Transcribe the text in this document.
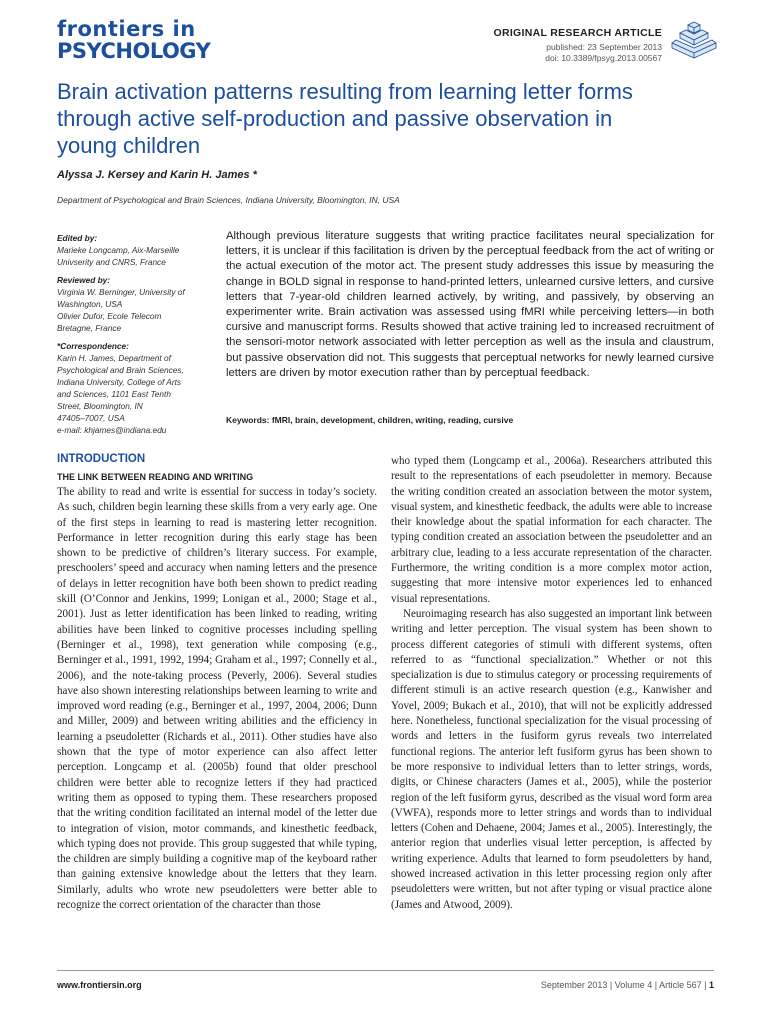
frontiers in
PSYCHOLOGY
ORIGINAL RESEARCH ARTICLE
published: 23 September 2013
doi: 10.3389/fpsyg.2013.00567
Brain activation patterns resulting from learning letter forms through active self-production and passive observation in young children
Alyssa J. Kersey and Karin H. James *
Department of Psychological and Brain Sciences, Indiana University, Bloomington, IN, USA
Edited by:
Marieke Longcamp, Aix-Marseille
Univserity and CNRS, France
Reviewed by:
Virginia W. Berninger, University of
Washington, USA
Olivier Dufor, Ecole Telecom
Bretagne, France
*Correspondence:
Karin H. James, Department of
Psychological and Brain Sciences,
Indiana University, College of Arts
and Sciences, 1101 East Tenth
Street, Bloomington, IN
47405–7007, USA
e-mail: khjames@indiana.edu
Although previous literature suggests that writing practice facilitates neural specialization for letters, it is unclear if this facilitation is driven by the perceptual feedback from the act of writing or the actual execution of the motor act. The present study addresses this issue by measuring the change in BOLD signal in response to hand-printed letters, unlearned cursive letters, and cursive letters that 7-year-old children learned actively, by writing, and passively, by observing an experimenter write. Brain activation was assessed using fMRI while perceiving letters—in both cursive and manuscript forms. Results showed that active training led to increased recruitment of the sensori-motor network associated with letter perception as well as the insula and claustrum, but passive observation did not. This suggests that perceptual networks for newly learned cursive letters are driven by motor execution rather than by perceptual feedback.
Keywords: fMRI, brain, development, children, writing, reading, cursive
INTRODUCTION
THE LINK BETWEEN READING AND WRITING

The ability to read and write is essential for success in today’s society. As such, children begin learning these skills from a very early age. One of the first steps in learning to read is mastering letter recognition. Performance in letter recognition during this early stage has been shown to be predictive of children’s literary success. For example, preschoolers’ speed and accuracy when naming letters and the presence of delays in letter recognition have both been shown to predict reading skill (O’Connor and Jenkins, 1999; Lonigan et al., 2000; Stage et al., 2001). Just as letter identification has been linked to reading, writing abilities have been linked to cognitive processes including spelling (Berninger et al., 1998), text generation while composing (e.g., Berninger et al., 1991, 1992, 1994; Graham et al., 1997; Connelly et al., 2006), and the note-taking process (Peverly, 2006). Several studies have also shown interesting relationships between learning to write and improved word reading (e.g., Berninger et al., 1997, 2004, 2006; Dunn and Miller, 2009) and between writing abilities and the efficiency in learning a pseudoletter (Richards et al., 2011). Other studies have also shown that the type of motor experience can also affect letter perception. Longcamp et al. (2005b) found that older preschool children were better able to recognize letters if they had practiced writing them as opposed to typing them. These researchers proposed that the writing condition facilitated an internal model of the letter due to integration of vision, motor commands, and kinesthetic feedback, which typing does not provide. This group suggested that while typing, the children are simply building a cognitive map of the keyboard rather than gaining extensive knowledge about the letters that they learn. Similarly, adults who wrote new pseudoletters were better able to recognize the correct orientation of the character than those

who typed them (Longcamp et al., 2006a). Researchers attributed this result to the representations of each pseudoletter in memory. Because the writing condition created an association between the motor system, visual system, and kinesthetic feedback, the adults were able to increase their knowledge about the spatial information for each character. The typing condition created an association between the pseudoletter and an arbitrary clue, leading to a less accurate representation of the character. Furthermore, the writing condition is a more complex motor action, suggesting that more intensive motor experiences led to enhanced visual representations.

Neuroimaging research has also suggested an important link between writing and letter perception. The visual system has been shown to process different categories of stimuli with different systems, often referred to as “functional specialization.” Whether or not this specialization is due to stimulus category or processing requirements of different stimuli is an active research question (e.g., Kanwisher and Yovel, 2009; Bukach et al., 2010), that will not be explicitly addressed here. Nonetheless, functional specialization for the visual processing of words and letters in the fusiform gyrus reveals two interrelated functional regions. The anterior left fusiform gyrus has been shown to be more responsive to individual letters than to letter strings, words, digits, or Chinese characters (James et al., 2005), while the posterior region of the left fusiform gyrus, described as the visual word form area (VWFA), responds more to letter strings and words than to individual letters (Cohen and Dehaene, 2004; James et al., 2005). Interestingly, the anterior region that underlies visual letter perception, is affected by writing experience. Adults that learned to form pseudoletters by hand, showed increased activation in this letter processing region only after pseudoletters were written, but not after typing or visual practice alone (James and Atwood, 2009).

www.frontiersin.org	September 2013 | Volume 4 | Article 567 | 1
